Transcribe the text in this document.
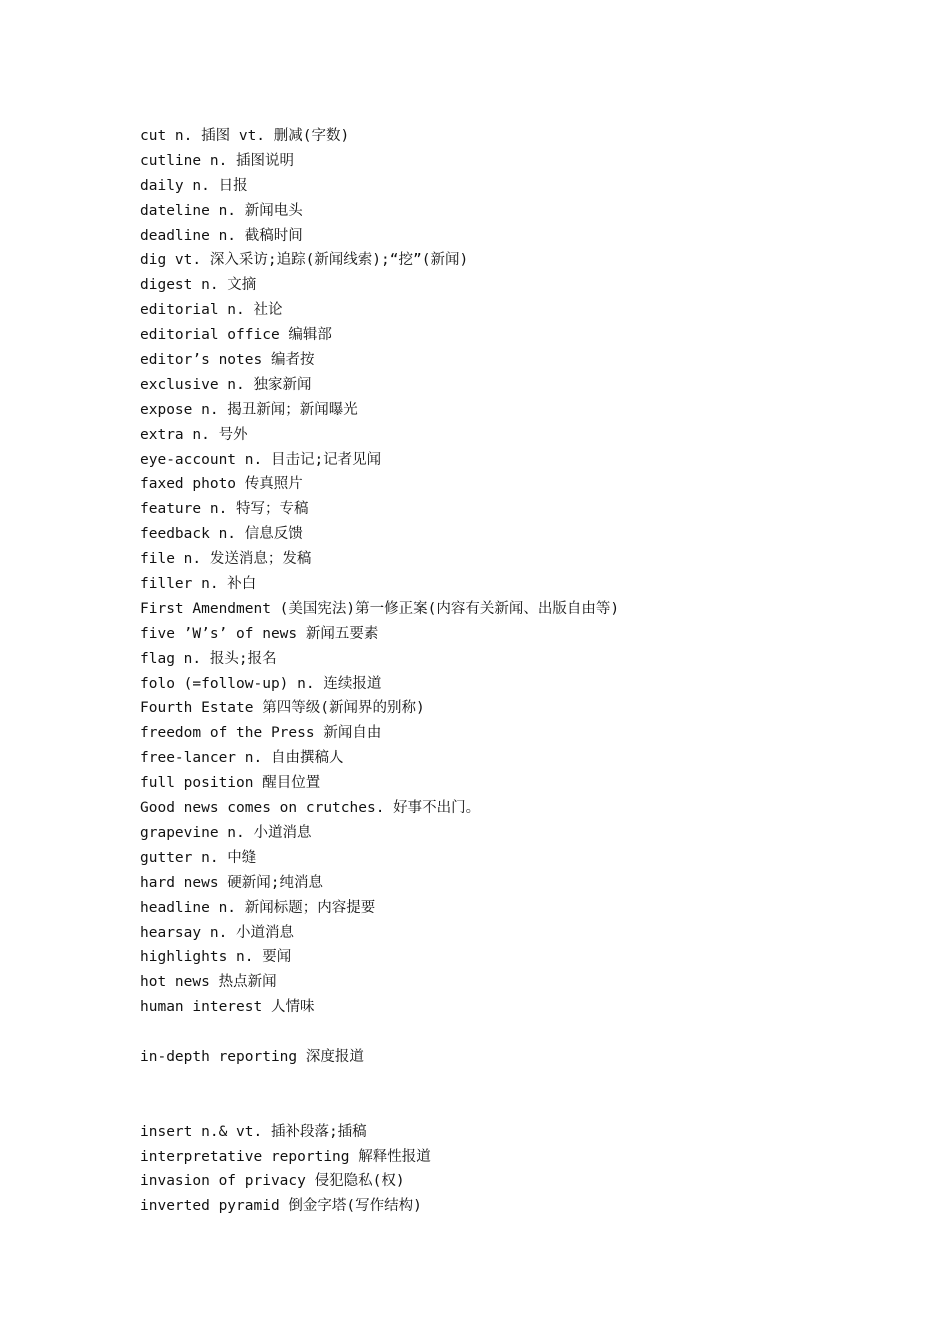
cut n. 插图 vt. 删减(字数)
cutline n. 插图说明
daily n. 日报
dateline n. 新闻电头
deadline n. 截稿时间
dig vt. 深入采访;追踪(新闻线索);“挖”(新闻)
digest n. 文摘
editorial n. 社论
editorial office 编辑部
editor’s notes 编者按
exclusive n. 独家新闻
expose n. 揭丑新闻；新闻曝光
extra n. 号外
eye-account n. 目击记;记者见闻
faxed photo 传真照片
feature n. 特写；专稿
feedback n. 信息反馈
file n. 发送消息；发稿
filler n. 补白
First Amendment (美国宪法)第一修正案(内容有关新闻、出版自由等)
five ’W’s’ of news 新闻五要素
flag n. 报头;报名
folo (=follow-up) n. 连续报道
Fourth Estate 第四等级(新闻界的别称)
freedom of the Press 新闻自由
free-lancer n. 自由撰稿人
full position 醒目位置
Good news comes on crutches. 好事不出门。
grapevine n. 小道消息
gutter n. 中缝
hard news 硬新闻;纯消息
headline n. 新闻标题；内容提要
hearsay n. 小道消息
highlights n. 要闻
hot news 热点新闻
human interest 人情味
in-depth reporting 深度报道
insert n.& vt. 插补段落;插稿
interpretative reporting 解释性报道
invasion of privacy 侵犯隐私(权)
inverted pyramid 倒金字塔(写作结构)
